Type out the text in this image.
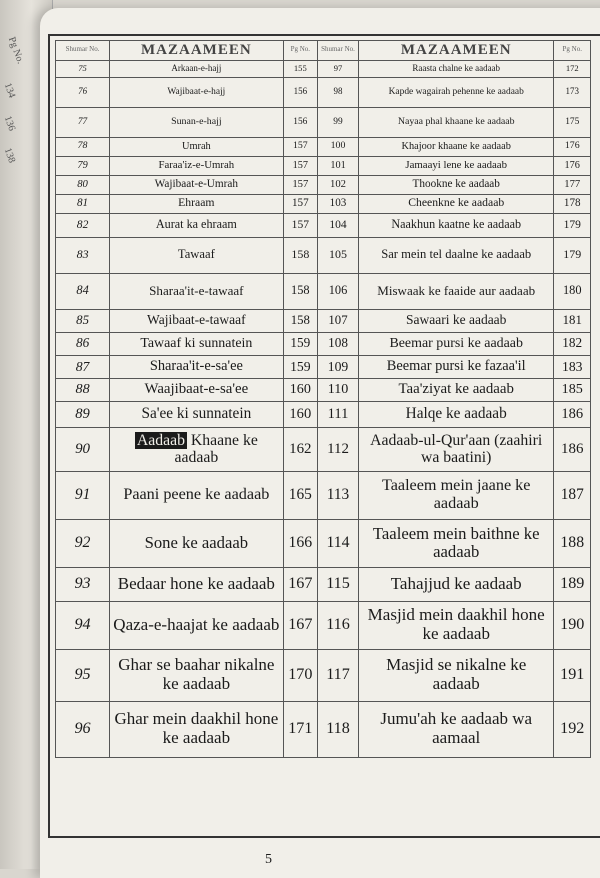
Pg No.
134
136
138
Shumar No.	MAZAAMEEN	Pg No.	Shumar No.	MAZAAMEEN	Pg No.
75	Arkaan-e-hajj	155	97	Raasta chalne ke aadaab	172
76	Wajibaat-e-hajj	156	98	Kapde wagairah pehenne ke aadaab	173
77	Sunan-e-hajj	156	99	Nayaa phal khaane ke aadaab	175
78	Umrah	157	100	Khajoor khaane ke aadaab	176
79	Faraa'iz-e-Umrah	157	101	Jamaayi lene ke aadaab	176
80	Wajibaat-e-Umrah	157	102	Thookne ke aadaab	177
81	Ehraam	157	103	Cheenkne ke aadaab	178
82	Aurat ka ehraam	157	104	Naakhun kaatne ke aadaab	179
83	Tawaaf	158	105	Sar mein tel daalne ke aadaab	179
84	Sharaa'it-e-tawaaf	158	106	Miswaak ke faaide aur aadaab	180
85	Wajibaat-e-tawaaf	158	107	Sawaari ke aadaab	181
86	Tawaaf ki sunnatein	159	108	Beemar pursi ke aadaab	182
87	Sharaa'it-e-sa'ee	159	109	Beemar pursi ke fazaa'il	183
88	Waajibaat-e-sa'ee	160	110	Taa'ziyat ke aadaab	185
89	Sa'ee ki sunnatein	160	111	Halqe ke aadaab	186
90	Aadaab Khaane ke aadaab	162	112	Aadaab-ul-Qur'aan (zaahiri wa baatini)	186
91	Paani peene ke aadaab	165	113	Taaleem mein jaane ke aadaab	187
92	Sone ke aadaab	166	114	Taaleem mein baithne ke aadaab	188
93	Bedaar hone ke aadaab	167	115	Tahajjud ke aadaab	189
94	Qaza-e-haajat ke aadaab	167	116	Masjid mein daakhil hone ke aadaab	190
95	Ghar se baahar nikalne ke aadaab	170	117	Masjid se nikalne ke aadaab	191
96	Ghar mein daakhil hone ke aadaab	171	118	Jumu'ah ke aadaab wa aamaal	192
5
